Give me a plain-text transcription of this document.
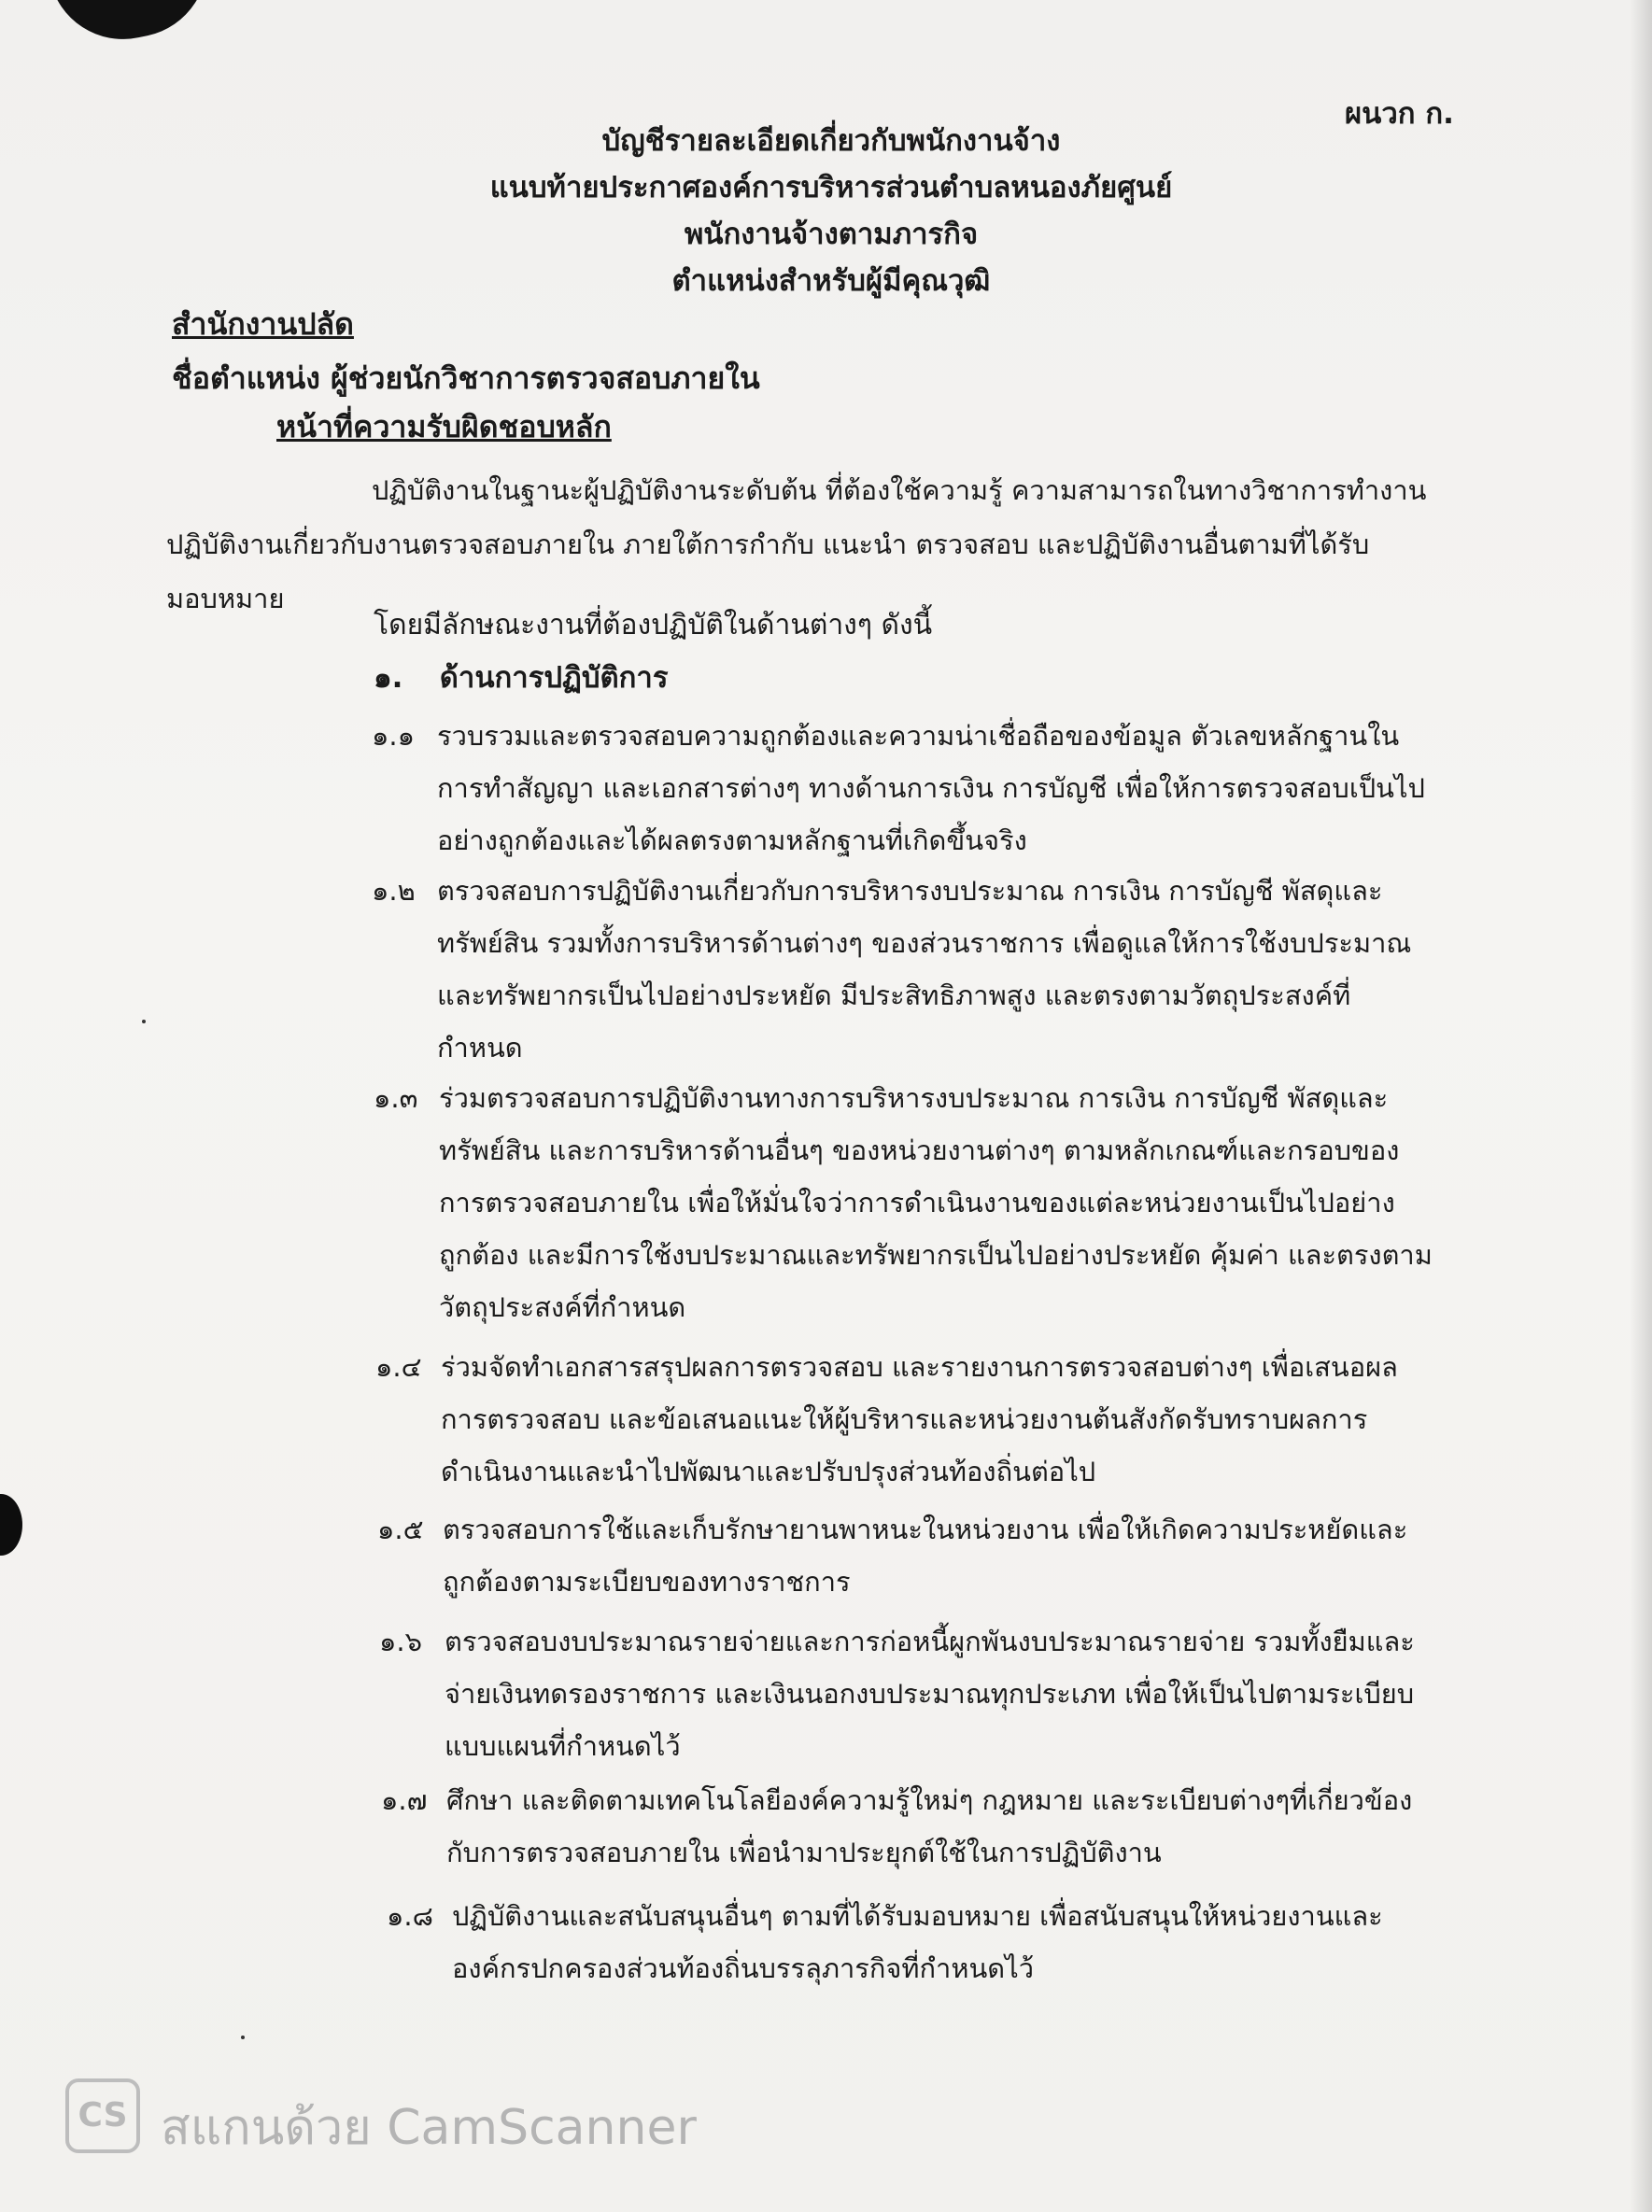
ผนวก ก.
บัญชีรายละเอียดเกี่ยวกับพนักงานจ้าง
แนบท้ายประกาศองค์การบริหารส่วนตำบลหนองภัยศูนย์
พนักงานจ้างตามภารกิจ
ตำแหน่งสำหรับผู้มีคุณวุฒิ
สำนักงานปลัด
ชื่อตำแหน่ง ผู้ช่วยนักวิชาการตรวจสอบภายใน
หน้าที่ความรับผิดชอบหลัก
ปฏิบัติงานในฐานะผู้ปฏิบัติงานระดับต้น ที่ต้องใช้ความรู้ ความสามารถในทางวิชาการทำงาน
ปฏิบัติงานเกี่ยวกับงานตรวจสอบภายใน ภายใต้การกำกับ แนะนำ ตรวจสอบ และปฏิบัติงานอื่นตามที่ได้รับ
มอบหมาย
โดยมีลักษณะงานที่ต้องปฏิบัติในด้านต่างๆ ดังนี้
๑. ด้านการปฏิบัติการ
๑.๑ รวบรวมและตรวจสอบความถูกต้องและความน่าเชื่อถือของข้อมูล ตัวเลขหลักฐานใน
การทำสัญญา และเอกสารต่างๆ ทางด้านการเงิน การบัญชี เพื่อให้การตรวจสอบเป็นไป
อย่างถูกต้องและได้ผลตรงตามหลักฐานที่เกิดขึ้นจริง
๑.๒ ตรวจสอบการปฏิบัติงานเกี่ยวกับการบริหารงบประมาณ การเงิน การบัญชี พัสดุและ
ทรัพย์สิน รวมทั้งการบริหารด้านต่างๆ ของส่วนราชการ เพื่อดูแลให้การใช้งบประมาณ
และทรัพยากรเป็นไปอย่างประหยัด มีประสิทธิภาพสูง และตรงตามวัตถุประสงค์ที่
กำหนด
๑.๓ ร่วมตรวจสอบการปฏิบัติงานทางการบริหารงบประมาณ การเงิน การบัญชี พัสดุและ
ทรัพย์สิน และการบริหารด้านอื่นๆ ของหน่วยงานต่างๆ ตามหลักเกณฑ์และกรอบของ
การตรวจสอบภายใน เพื่อให้มั่นใจว่าการดำเนินงานของแต่ละหน่วยงานเป็นไปอย่าง
ถูกต้อง และมีการใช้งบประมาณและทรัพยากรเป็นไปอย่างประหยัด คุ้มค่า และตรงตาม
วัตถุประสงค์ที่กำหนด
๑.๔ ร่วมจัดทำเอกสารสรุปผลการตรวจสอบ และรายงานการตรวจสอบต่างๆ เพื่อเสนอผล
การตรวจสอบ และข้อเสนอแนะให้ผู้บริหารและหน่วยงานต้นสังกัดรับทราบผลการ
ดำเนินงานและนำไปพัฒนาและปรับปรุงส่วนท้องถิ่นต่อไป
๑.๕ ตรวจสอบการใช้และเก็บรักษายานพาหนะในหน่วยงาน เพื่อให้เกิดความประหยัดและ
ถูกต้องตามระเบียบของทางราชการ
๑.๖ ตรวจสอบงบประมาณรายจ่ายและการก่อหนี้ผูกพันงบประมาณรายจ่าย รวมทั้งยืมและ
จ่ายเงินทดรองราชการ และเงินนอกงบประมาณทุกประเภท เพื่อให้เป็นไปตามระเบียบ
แบบแผนที่กำหนดไว้
๑.๗ ศึกษา และติดตามเทคโนโลยีองค์ความรู้ใหม่ๆ กฎหมาย และระเบียบต่างๆที่เกี่ยวข้อง
กับการตรวจสอบภายใน เพื่อนำมาประยุกต์ใช้ในการปฏิบัติงาน
๑.๘ ปฏิบัติงานและสนับสนุนอื่นๆ ตามที่ได้รับมอบหมาย เพื่อสนับสนุนให้หน่วยงานและ
องค์กรปกครองส่วนท้องถิ่นบรรลุภารกิจที่กำหนดไว้
CS สแกนด้วย CamScanner
